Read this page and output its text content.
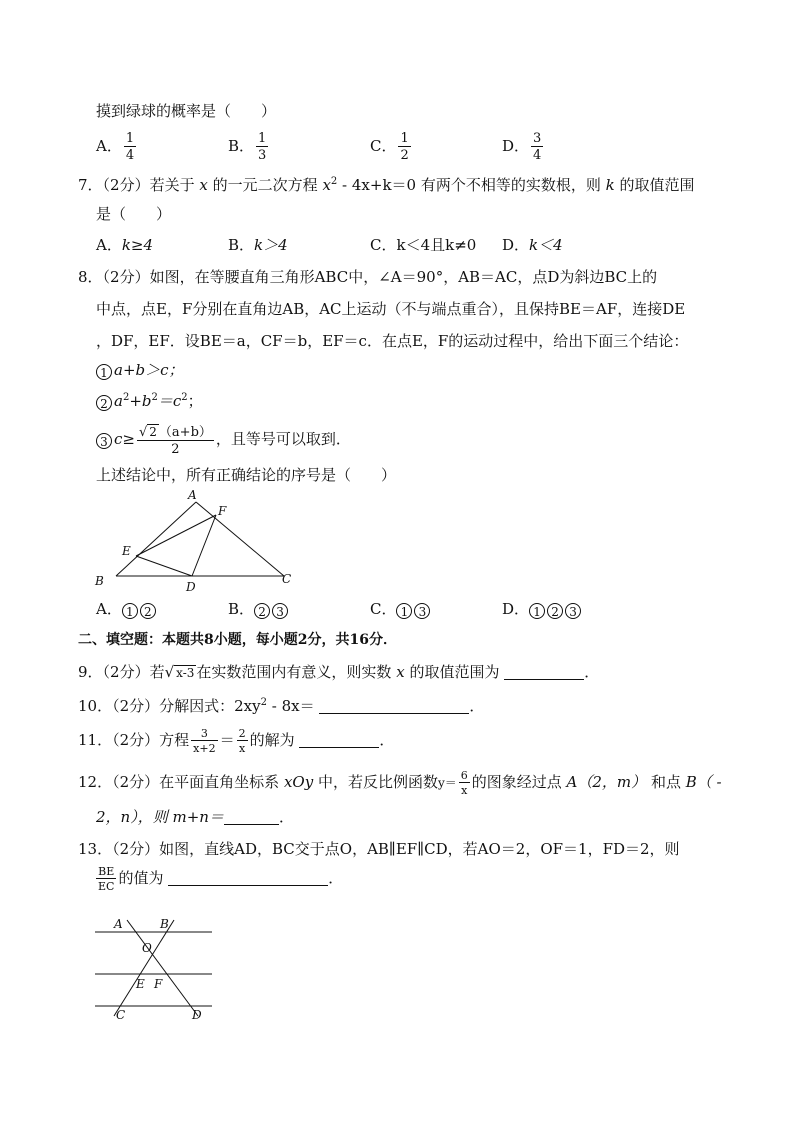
摸到绿球的概率是（　　）
A． $\frac{1}{4}$	B． $\frac{1}{3}$	C． $\frac{1}{2}$	D． $\frac{3}{4}$
7．（2分）若关于 x 的一元二次方程 $x^2 - 4x+k=0$ 有两个不相等的实数根，则 k 的取值范围
是（　　）
A．k≥4	B．k＞4	C．k＜4且k≠0 D．k＜4
8．（2分）如图，在等腰直角三角形ABC中，∠A＝90°，AB＝AC，点D为斜边BC上的
中点，点E，F分别在直角边AB，AC上运动（不与端点重合），且保持BE＝AF，连接DE
，DF，EF．设BE＝a，CF＝b，EF＝c．在点E，F的运动过程中，给出下面三个结论：
1 a+b＞c；
2 $a^2+b^2=c^2$；
3 $c\ge \frac{√ 2 (a+b)}{2}$ ，且等号可以取到．
上述结论中，所有正确结论的序号是（　　）
A
F
E
B	D
C
A． 1 2	B． 2 3	C． 1 3	D． 1 2 3
二、填空题：本题共8小题，每小题2分，共16分．
9．（2分）若√ x-3 在实数范围内有意义，则实数 x 的取值范围为	．
10．（2分）分解因式：$2xy^2 - 8x=$	．
11．（2分）方程 $\frac{3}{x+2} = \frac{2}{x}$ 的解为	．
12．（2分）在平面直角坐标系 xOy 中，若反比例函数$y= \frac{6}{x}$ 的图象经过点 A（2，m） 和点 B（ -
2，n），则 m+n＝	．
13．（2分）如图，直线AD，BC交于点O，AB∥EF∥CD，若AO＝2，OF＝1，FD＝2，则
$\frac{BE}{EC}$ 的值为	．
A	B
O
E F
C	D
